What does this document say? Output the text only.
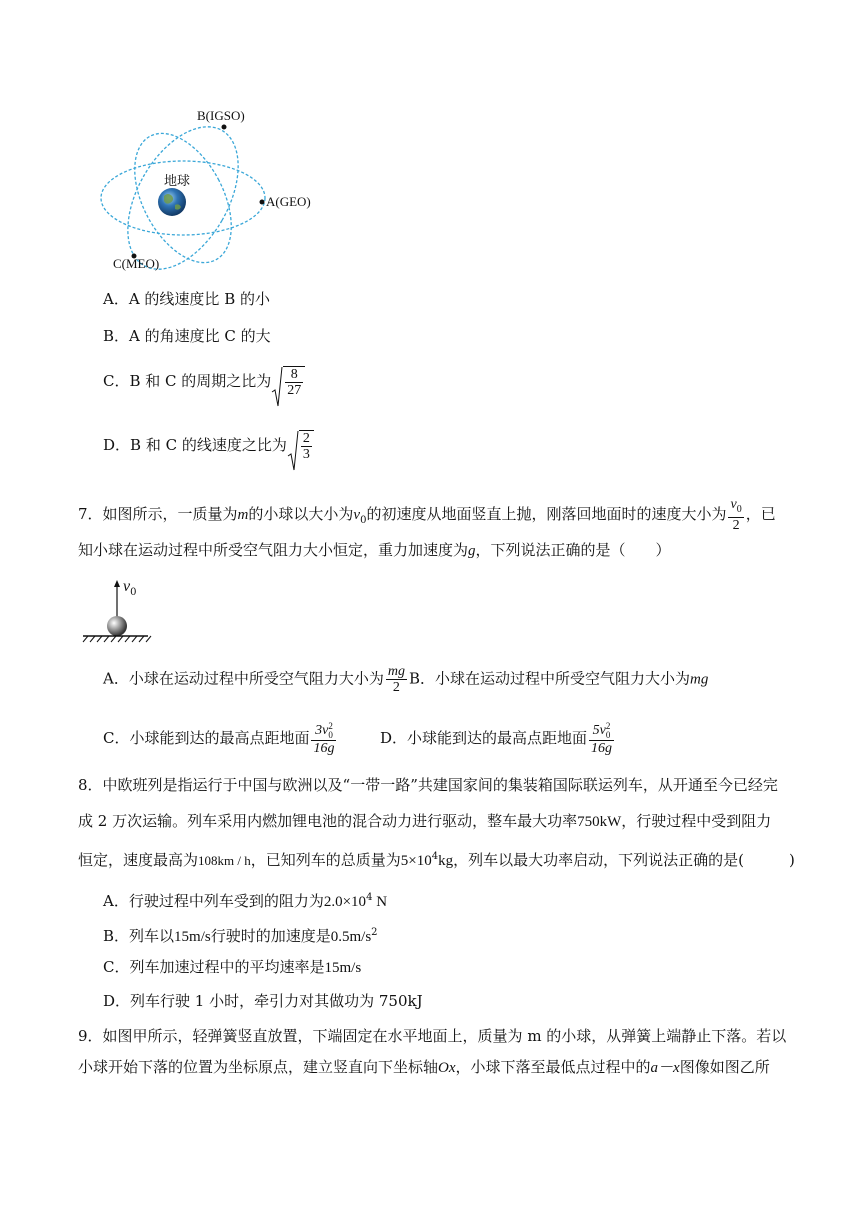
B(IGSO)
A(GEO)
C(MEO)
地球
A．A 的线速度比 B 的小
B．A 的角速度比 C 的大
C．B 和 C 的周期之比为 $\frac{8}{27}$
D．B 和 C 的线速度之比为 $\frac{2}{3}$
7．如图所示，一质量为m的小球以大小为$v_0$的初速度从地面竖直上抛，刚落回地面时的速度大小为 $\frac{v_0}{2}$ ，已
知小球在运动过程中所受空气阻力大小恒定，重力加速度为g，下列说法正确的是（　　）
$v_0$
A．小球在运动过程中所受空气阻力大小为 $\frac{mg}{2}$ B．小球在运动过程中所受空气阻力大小为mg
C．小球能到达的最高点距地面 3v 2
0
16g	D．小球能到达的最高点距地面 5v 2
0
16g
8．中欧班列是指运行于中国与欧洲以及“一带一路”共建国家间的集装箱国际联运列车，从开通至今已经完
成 2 万次运输。列车采用内燃加锂电池的混合动力进行驱动，整车最大功率750kW，行驶过程中受到阻力
恒定，速度最高为108km / h，已知列车的总质量为$5\times 10^4kg$，列车以最大功率启动，下列说法正确的是(　　　)
A．行驶过程中列车受到的阻力为$2.0\times 10^4$ N
B．列车以15m/s行驶时的加速度是$0.5m/s^2$
C．列车加速过程中的平均速率是15m/s
D．列车行驶 1 小时，牵引力对其做功为 750kJ
9．如图甲所示，轻弹簧竖直放置，下端固定在水平地面上，质量为 m 的小球，从弹簧上端静止下落。若以
小球开始下落的位置为坐标原点，建立竖直向下坐标轴Ox，小球下落至最低点过程中的a－x图像如图乙所
